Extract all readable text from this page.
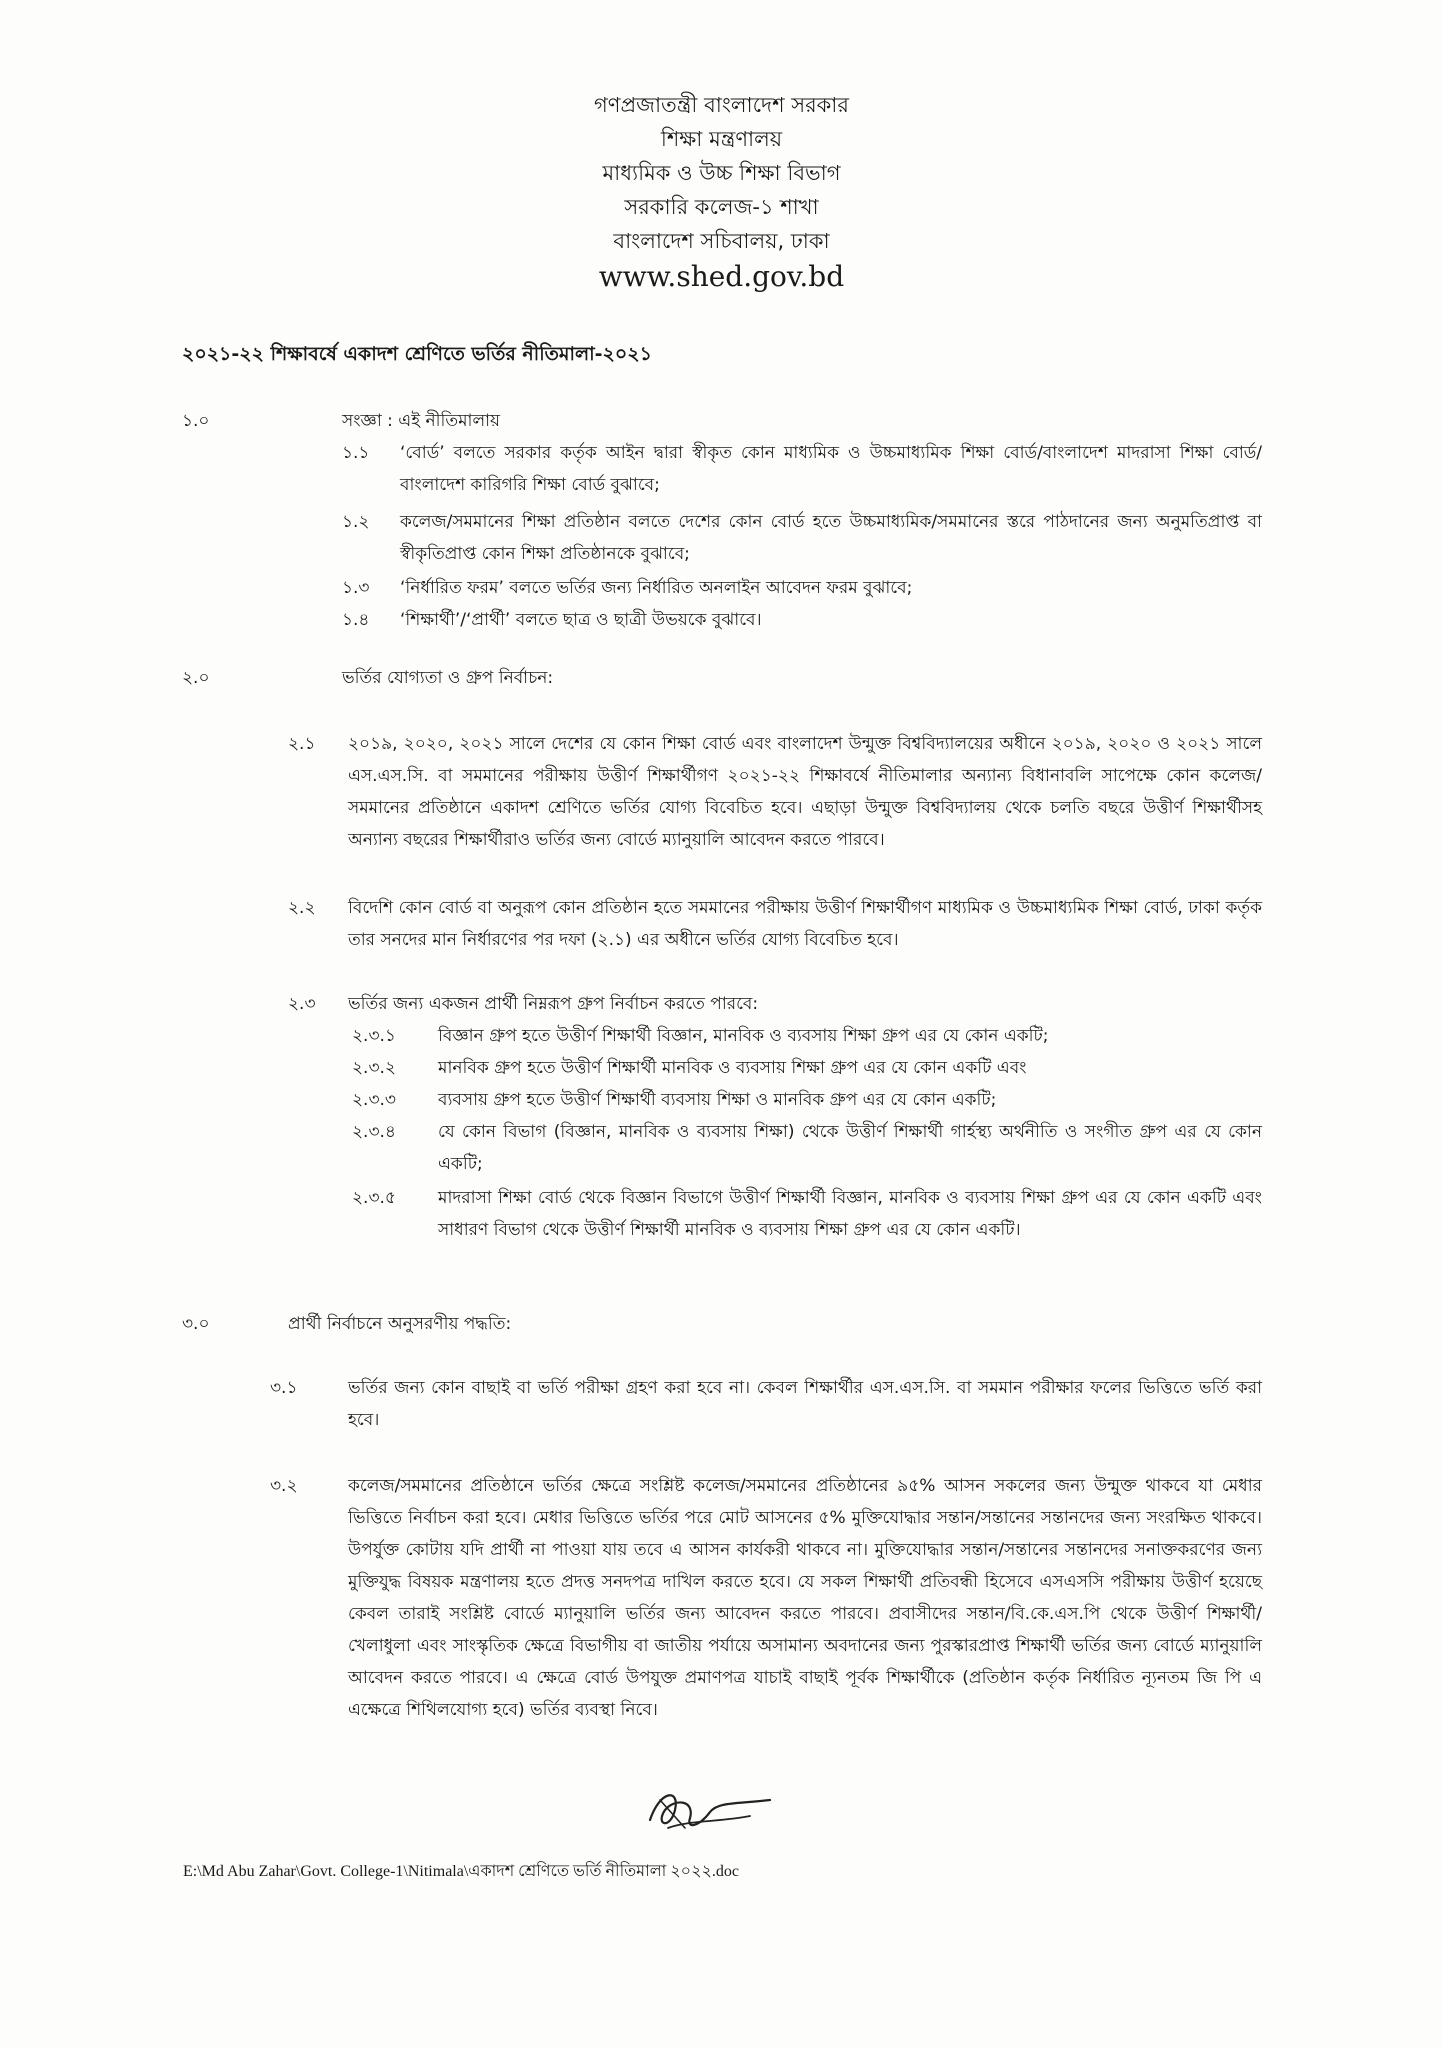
গণপ্রজাতন্ত্রী বাংলাদেশ সরকার
শিক্ষা মন্ত্রণালয়
মাধ্যমিক ও উচ্চ শিক্ষা বিভাগ
সরকারি কলেজ-১ শাখা
বাংলাদেশ সচিবালয়, ঢাকা
www.shed.gov.bd
২০২১-২২ শিক্ষাবর্ষে একাদশ শ্রেণিতে ভর্তির নীতিমালা-২০২১
১.০	সংজ্ঞা : এই নীতিমালায়
১.১ ‘বোর্ড’ বলতে সরকার কর্তৃক আইন দ্বারা স্বীকৃত কোন মাধ্যমিক ও উচ্চমাধ্যমিক শিক্ষা বোর্ড/বাংলাদেশ মাদরাসা শিক্ষা বোর্ড/ বাংলাদেশ কারিগরি শিক্ষা বোর্ড বুঝাবে;
১.২ কলেজ/সমমানের শিক্ষা প্রতিষ্ঠান বলতে দেশের কোন বোর্ড হতে উচ্চমাধ্যমিক/সমমানের স্তরে পাঠদানের জন্য অনুমতিপ্রাপ্ত বা স্বীকৃতিপ্রাপ্ত কোন শিক্ষা প্রতিষ্ঠানকে বুঝাবে;
১.৩ ‘নির্ধারিত ফরম’ বলতে ভর্তির জন্য নির্ধারিত অনলাইন আবেদন ফরম বুঝাবে;
১.৪ ‘শিক্ষার্থী’/‘প্রার্থী’ বলতে ছাত্র ও ছাত্রী উভয়কে বুঝাবে।
২.০	ভর্তির যোগ্যতা ও গ্রুপ নির্বাচন:
২.১ ২০১৯, ২০২০, ২০২১ সালে দেশের যে কোন শিক্ষা বোর্ড এবং বাংলাদেশ উন্মুক্ত বিশ্ববিদ্যালয়ের অধীনে ২০১৯, ২০২০ ও ২০২১ সালে এস.এস.সি. বা সমমানের পরীক্ষায় উত্তীর্ণ শিক্ষার্থীগণ ২০২১-২২ শিক্ষাবর্ষে নীতিমালার অন্যান্য বিধানাবলি সাপেক্ষে কোন কলেজ/সমমানের প্রতিষ্ঠানে একাদশ শ্রেণিতে ভর্তির যোগ্য বিবেচিত হবে। এছাড়া উন্মুক্ত বিশ্ববিদ্যালয় থেকে চলতি বছরে উত্তীর্ণ শিক্ষার্থীসহ অন্যান্য বছরের শিক্ষার্থীরাও ভর্তির জন্য বোর্ডে ম্যানুয়ালি আবেদন করতে পারবে।
২.২ বিদেশি কোন বোর্ড বা অনুরূপ কোন প্রতিষ্ঠান হতে সমমানের পরীক্ষায় উত্তীর্ণ শিক্ষার্থীগণ মাধ্যমিক ও উচ্চমাধ্যমিক শিক্ষা বোর্ড, ঢাকা কর্তৃক তার সনদের মান নির্ধারণের পর দফা (২.১) এর অধীনে ভর্তির যোগ্য বিবেচিত হবে।
২.৩ ভর্তির জন্য একজন প্রার্থী নিম্নরূপ গ্রুপ নির্বাচন করতে পারবে:
২.৩.১ বিজ্ঞান গ্রুপ হতে উত্তীর্ণ শিক্ষার্থী বিজ্ঞান, মানবিক ও ব্যবসায় শিক্ষা গ্রুপ এর যে কোন একটি;
২.৩.২ মানবিক গ্রুপ হতে উত্তীর্ণ শিক্ষার্থী মানবিক ও ব্যবসায় শিক্ষা গ্রুপ এর যে কোন একটি এবং
২.৩.৩ ব্যবসায় গ্রুপ হতে উত্তীর্ণ শিক্ষার্থী ব্যবসায় শিক্ষা ও মানবিক গ্রুপ এর যে কোন একটি;
২.৩.৪ যে কোন বিভাগ (বিজ্ঞান, মানবিক ও ব্যবসায় শিক্ষা) থেকে উত্তীর্ণ শিক্ষার্থী গার্হস্থ্য অর্থনীতি ও সংগীত গ্রুপ এর যে কোন একটি;
২.৩.৫ মাদরাসা শিক্ষা বোর্ড থেকে বিজ্ঞান বিভাগে উত্তীর্ণ শিক্ষার্থী বিজ্ঞান, মানবিক ও ব্যবসায় শিক্ষা গ্রুপ এর যে কোন একটি এবং সাধারণ বিভাগ থেকে উত্তীর্ণ শিক্ষার্থী মানবিক ও ব্যবসায় শিক্ষা গ্রুপ এর যে কোন একটি।
৩.০	প্রার্থী নির্বাচনে অনুসরণীয় পদ্ধতি:
৩.১	ভর্তির জন্য কোন বাছাই বা ভর্তি পরীক্ষা গ্রহণ করা হবে না। কেবল শিক্ষার্থীর এস.এস.সি. বা সমমান পরীক্ষার ফলের ভিত্তিতে ভর্তি করা হবে।
৩.২	কলেজ/সমমানের প্রতিষ্ঠানে ভর্তির ক্ষেত্রে সংশ্লিষ্ট কলেজ/সমমানের প্রতিষ্ঠানের ৯৫% আসন সকলের জন্য উন্মুক্ত থাকবে যা মেধার ভিত্তিতে নির্বাচন করা হবে। মেধার ভিত্তিতে ভর্তির পরে মোট আসনের ৫% মুক্তিযোদ্ধার সন্তান/সন্তানের সন্তানদের জন্য সংরক্ষিত থাকবে। উপর্যুক্ত কোটায় যদি প্রার্থী না পাওয়া যায় তবে এ আসন কার্যকরী থাকবে না। মুক্তিযোদ্ধার সন্তান/সন্তানের সন্তানদের সনাক্তকরণের জন্য মুক্তিযুদ্ধ বিষয়ক মন্ত্রণালয় হতে প্রদত্ত সনদপত্র দাখিল করতে হবে। যে সকল শিক্ষার্থী প্রতিবন্ধী হিসেবে এসএসসি পরীক্ষায় উত্তীর্ণ হয়েছে কেবল তারাই সংশ্লিষ্ট বোর্ডে ম্যানুয়ালি ভর্তির জন্য আবেদন করতে পারবে। প্রবাসীদের সন্তান/বি.কে.এস.পি থেকে উত্তীর্ণ শিক্ষার্থী/খেলাধুলা এবং সাংস্কৃতিক ক্ষেত্রে বিভাগীয় বা জাতীয় পর্যায়ে অসামান্য অবদানের জন্য পুরস্কারপ্রাপ্ত শিক্ষার্থী ভর্তির জন্য বোর্ডে ম্যানুয়ালি আবেদন করতে পারবে। এ ক্ষেত্রে বোর্ড উপযুক্ত প্রমাণপত্র যাচাই বাছাই পূর্বক শিক্ষার্থীকে (প্রতিষ্ঠান কর্তৃক নির্ধারিত ন্যূনতম জি পি এ এক্ষেত্রে শিথিলযোগ্য হবে) ভর্তির ব্যবস্থা নিবে।
E:\Md Abu Zahar\Govt. College-1\Nitimala\একাদশ শ্রেণিতে ভর্তি নীতিমালা ২০২২.doc
